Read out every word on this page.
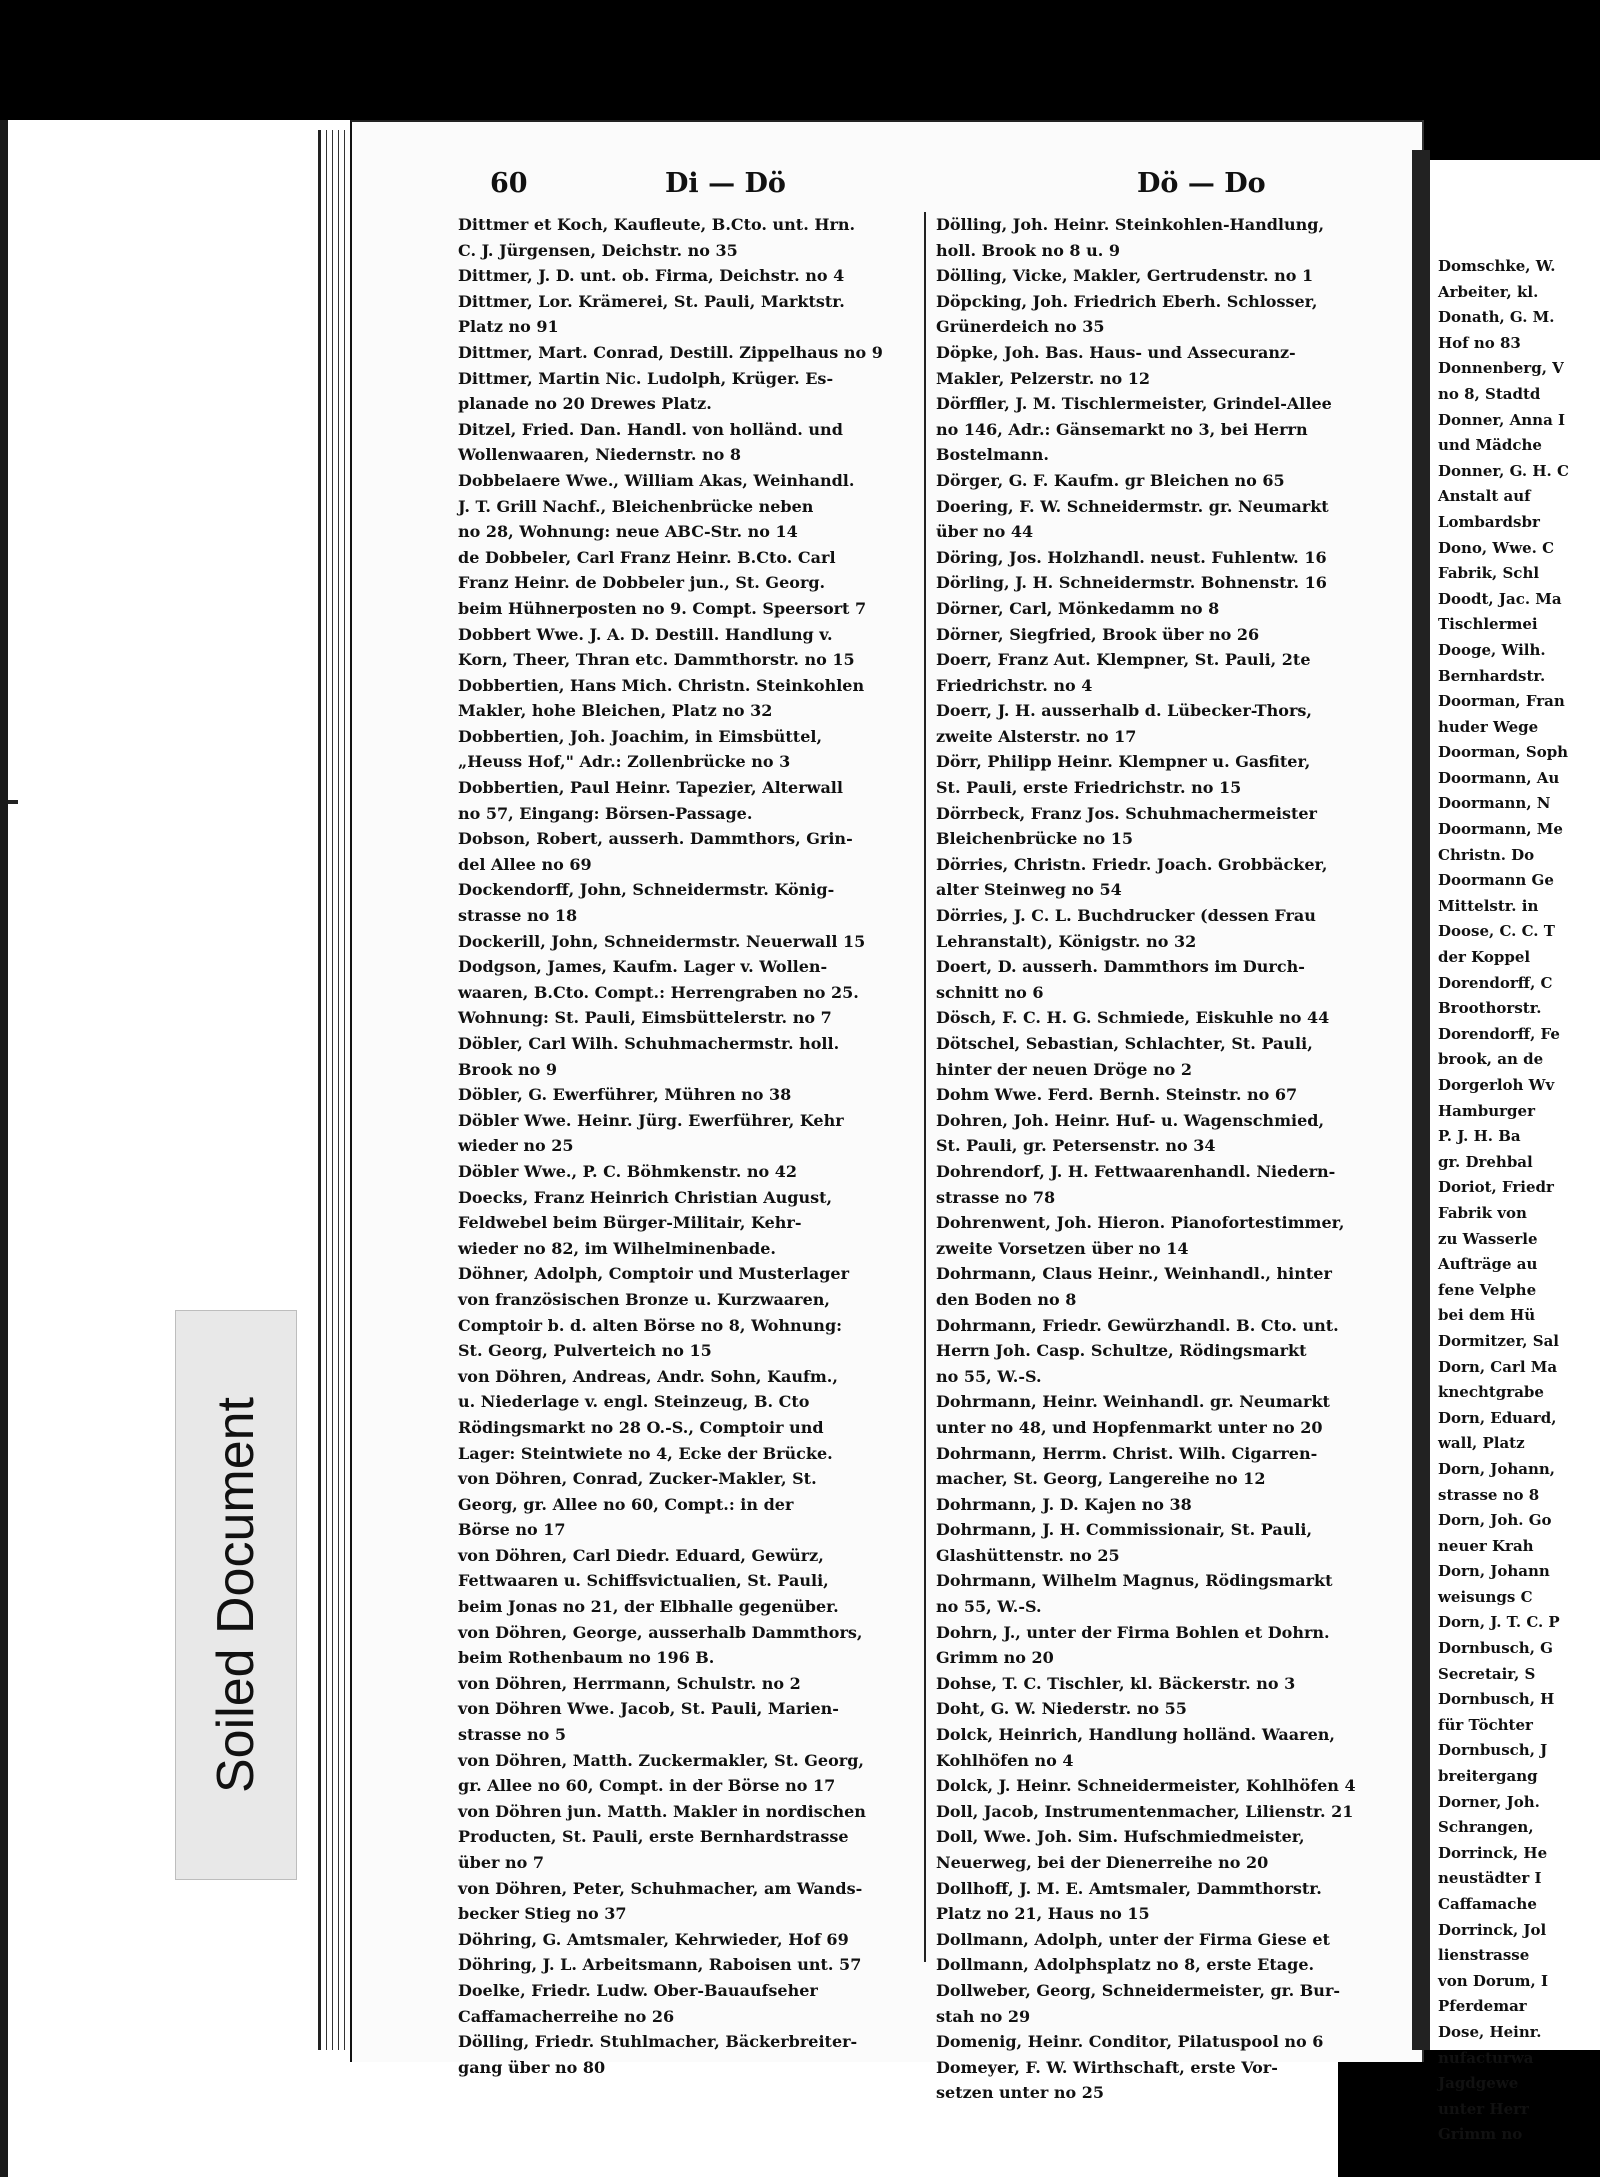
Soiled Document
60	Di — Dö	Dö — Do
Dittmer et Koch, Kaufleute, B.Cto. unt. Hrn.
C. J. Jürgensen, Deichstr. no 35
Dittmer, J. D. unt. ob. Firma, Deichstr. no 4
Dittmer, Lor. Krämerei, St. Pauli, Marktstr.
Platz no 91
Dittmer, Mart. Conrad, Destill. Zippelhaus no 9
Dittmer, Martin Nic. Ludolph, Krüger. Es-
planade no 20 Drewes Platz.
Ditzel, Fried. Dan. Handl. von holländ. und
Wollenwaaren, Niedernstr. no 8
Dobbelaere Wwe., William Akas, Weinhandl.
J. T. Grill Nachf., Bleichenbrücke neben
no 28, Wohnung: neue ABC-Str. no 14
de Dobbeler, Carl Franz Heinr. B.Cto. Carl
Franz Heinr. de Dobbeler jun., St. Georg.
beim Hühnerposten no 9. Compt. Speersort 7
Dobbert Wwe. J. A. D. Destill. Handlung v.
Korn, Theer, Thran etc. Dammthorstr. no 15
Dobbertien, Hans Mich. Christn. Steinkohlen
Makler, hohe Bleichen, Platz no 32
Dobbertien, Joh. Joachim, in Eimsbüttel,
„Heuss Hof," Adr.: Zollenbrücke no 3
Dobbertien, Paul Heinr. Tapezier, Alterwall
no 57, Eingang: Börsen-Passage.
Dobson, Robert, ausserh. Dammthors, Grin-
del Allee no 69
Dockendorff, John, Schneidermstr. König-
strasse no 18
Dockerill, John, Schneidermstr. Neuerwall 15
Dodgson, James, Kaufm. Lager v. Wollen-
waaren, B.Cto. Compt.: Herrengraben no 25.
Wohnung: St. Pauli, Eimsbüttelerstr. no 7
Döbler, Carl Wilh. Schuhmachermstr. holl.
Brook no 9
Döbler, G. Ewerführer, Mühren no 38
Döbler Wwe. Heinr. Jürg. Ewerführer, Kehr
wieder no 25
Döbler Wwe., P. C. Böhmkenstr. no 42
Doecks, Franz Heinrich Christian August,
Feldwebel beim Bürger-Militair, Kehr-
wieder no 82, im Wilhelminenbade.
Döhner, Adolph, Comptoir und Musterlager
von französischen Bronze u. Kurzwaaren,
Comptoir b. d. alten Börse no 8, Wohnung:
St. Georg, Pulverteich no 15
von Döhren, Andreas, Andr. Sohn, Kaufm.,
u. Niederlage v. engl. Steinzeug, B. Cto
Rödingsmarkt no 28 O.-S., Comptoir und
Lager: Steintwiete no 4, Ecke der Brücke.
von Döhren, Conrad, Zucker-Makler, St.
Georg, gr. Allee no 60, Compt.: in der
Börse no 17
von Döhren, Carl Diedr. Eduard, Gewürz,
Fettwaaren u. Schiffsvictualien, St. Pauli,
beim Jonas no 21, der Elbhalle gegenüber.
von Döhren, George, ausserhalb Dammthors,
beim Rothenbaum no 196 B.
von Döhren, Herrmann, Schulstr. no 2
von Döhren Wwe. Jacob, St. Pauli, Marien-
strasse no 5
von Döhren, Matth. Zuckermakler, St. Georg,
gr. Allee no 60, Compt. in der Börse no 17
von Döhren jun. Matth. Makler in nordischen
Producten, St. Pauli, erste Bernhardstrasse
über no 7
von Döhren, Peter, Schuhmacher, am Wands-
becker Stieg no 37
Döhring, G. Amtsmaler, Kehrwieder, Hof 69
Döhring, J. L. Arbeitsmann, Raboisen unt. 57
Doelke, Friedr. Ludw. Ober-Bauaufseher
Caffamacherreihe no 26
Dölling, Friedr. Stuhlmacher, Bäckerbreiter-
gang über no 80
Dölling, Joh. Heinr. Steinkohlen-Handlung,
holl. Brook no 8 u. 9
Dölling, Vicke, Makler, Gertrudenstr. no 1
Döpcking, Joh. Friedrich Eberh. Schlosser,
Grünerdeich no 35
Döpke, Joh. Bas. Haus- und Assecuranz-
Makler, Pelzerstr. no 12
Dörffler, J. M. Tischlermeister, Grindel-Allee
no 146, Adr.: Gänsemarkt no 3, bei Herrn
Bostelmann.
Dörger, G. F. Kaufm. gr Bleichen no 65
Doering, F. W. Schneidermstr. gr. Neumarkt
über no 44
Döring, Jos. Holzhandl. neust. Fuhlentw. 16
Dörling, J. H. Schneidermstr. Bohnenstr. 16
Dörner, Carl, Mönkedamm no 8
Dörner, Siegfried, Brook über no 26
Doerr, Franz Aut. Klempner, St. Pauli, 2te
Friedrichstr. no 4
Doerr, J. H. ausserhalb d. Lübecker-Thors,
zweite Alsterstr. no 17
Dörr, Philipp Heinr. Klempner u. Gasfiter,
St. Pauli, erste Friedrichstr. no 15
Dörrbeck, Franz Jos. Schuhmachermeister
Bleichenbrücke no 15
Dörries, Christn. Friedr. Joach. Grobbäcker,
alter Steinweg no 54
Dörries, J. C. L. Buchdrucker (dessen Frau
Lehranstalt), Königstr. no 32
Doert, D. ausserh. Dammthors im Durch-
schnitt no 6
Dösch, F. C. H. G. Schmiede, Eiskuhle no 44
Dötschel, Sebastian, Schlachter, St. Pauli,
hinter der neuen Dröge no 2
Dohm Wwe. Ferd. Bernh. Steinstr. no 67
Dohren, Joh. Heinr. Huf- u. Wagenschmied,
St. Pauli, gr. Petersenstr. no 34
Dohrendorf, J. H. Fettwaarenhandl. Niedern-
strasse no 78
Dohrenwent, Joh. Hieron. Pianofortestimmer,
zweite Vorsetzen über no 14
Dohrmann, Claus Heinr., Weinhandl., hinter
den Boden no 8
Dohrmann, Friedr. Gewürzhandl. B. Cto. unt.
Herrn Joh. Casp. Schultze, Rödingsmarkt
no 55, W.-S.
Dohrmann, Heinr. Weinhandl. gr. Neumarkt
unter no 48, und Hopfenmarkt unter no 20
Dohrmann, Herrm. Christ. Wilh. Cigarren-
macher, St. Georg, Langereihe no 12
Dohrmann, J. D. Kajen no 38
Dohrmann, J. H. Commissionair, St. Pauli,
Glashüttenstr. no 25
Dohrmann, Wilhelm Magnus, Rödingsmarkt
no 55, W.-S.
Dohrn, J., unter der Firma Bohlen et Dohrn.
Grimm no 20
Dohse, T. C. Tischler, kl. Bäckerstr. no 3
Doht, G. W. Niederstr. no 55
Dolck, Heinrich, Handlung holländ. Waaren,
Kohlhöfen no 4
Dolck, J. Heinr. Schneidermeister, Kohlhöfen 4
Doll, Jacob, Instrumentenmacher, Lilienstr. 21
Doll, Wwe. Joh. Sim. Hufschmiedmeister,
Neuerweg, bei der Dienerreihe no 20
Dollhoff, J. M. E. Amtsmaler, Dammthorstr.
Platz no 21, Haus no 15
Dollmann, Adolph, unter der Firma Giese et
Dollmann, Adolphsplatz no 8, erste Etage.
Dollweber, Georg, Schneidermeister, gr. Bur-
stah no 29
Domenig, Heinr. Conditor, Pilatuspool no 6
Domeyer, F. W. Wirthschaft, erste Vor-
setzen unter no 25
Domschke, W.
Arbeiter, kl.
Donath, G. M.
Hof no 83
Donnenberg, V
no 8, Stadtd
Donner, Anna I
und Mädche
Donner, G. H. C
Anstalt auf
Lombardsbr
Dono, Wwe. C
Fabrik, Schl
Doodt, Jac. Ma
Tischlermei
Dooge, Wilh.
Bernhardstr.
Doorman, Fran
huder Wege
Doorman, Soph
Doormann, Au
Doormann, N
Doormann, Me
Christn. Do
Doormann Ge
Mittelstr. in
Doose, C. C. T
der Koppel
Dorendorff, C
Broothorstr.
Dorendorff, Fe
brook, an de
Dorgerloh Wv
Hamburger
P. J. H. Ba
gr. Drehbal
Doriot, Friedr
Fabrik von
zu Wasserle
Aufträge au
fene Velphe
bei dem Hü
Dormitzer, Sal
Dorn, Carl Ma
knechtgrabe
Dorn, Eduard,
wall, Platz
Dorn, Johann,
strasse no 8
Dorn, Joh. Go
neuer Krah
Dorn, Johann
weisungs C
Dorn, J. T. C. P
Dornbusch, G
Secretair, S
Dornbusch, H
für Töchter
Dornbusch, J
breitergang
Dorner, Joh.
Schrangen,
Dorrinck, He
neustädter I
Caffamache
Dorrinck, Jol
lienstrasse
von Dorum, I
Pferdemar
Dose, Heinr.
nufacturwa
Jagdgewe
unter Herr
Grimm no
